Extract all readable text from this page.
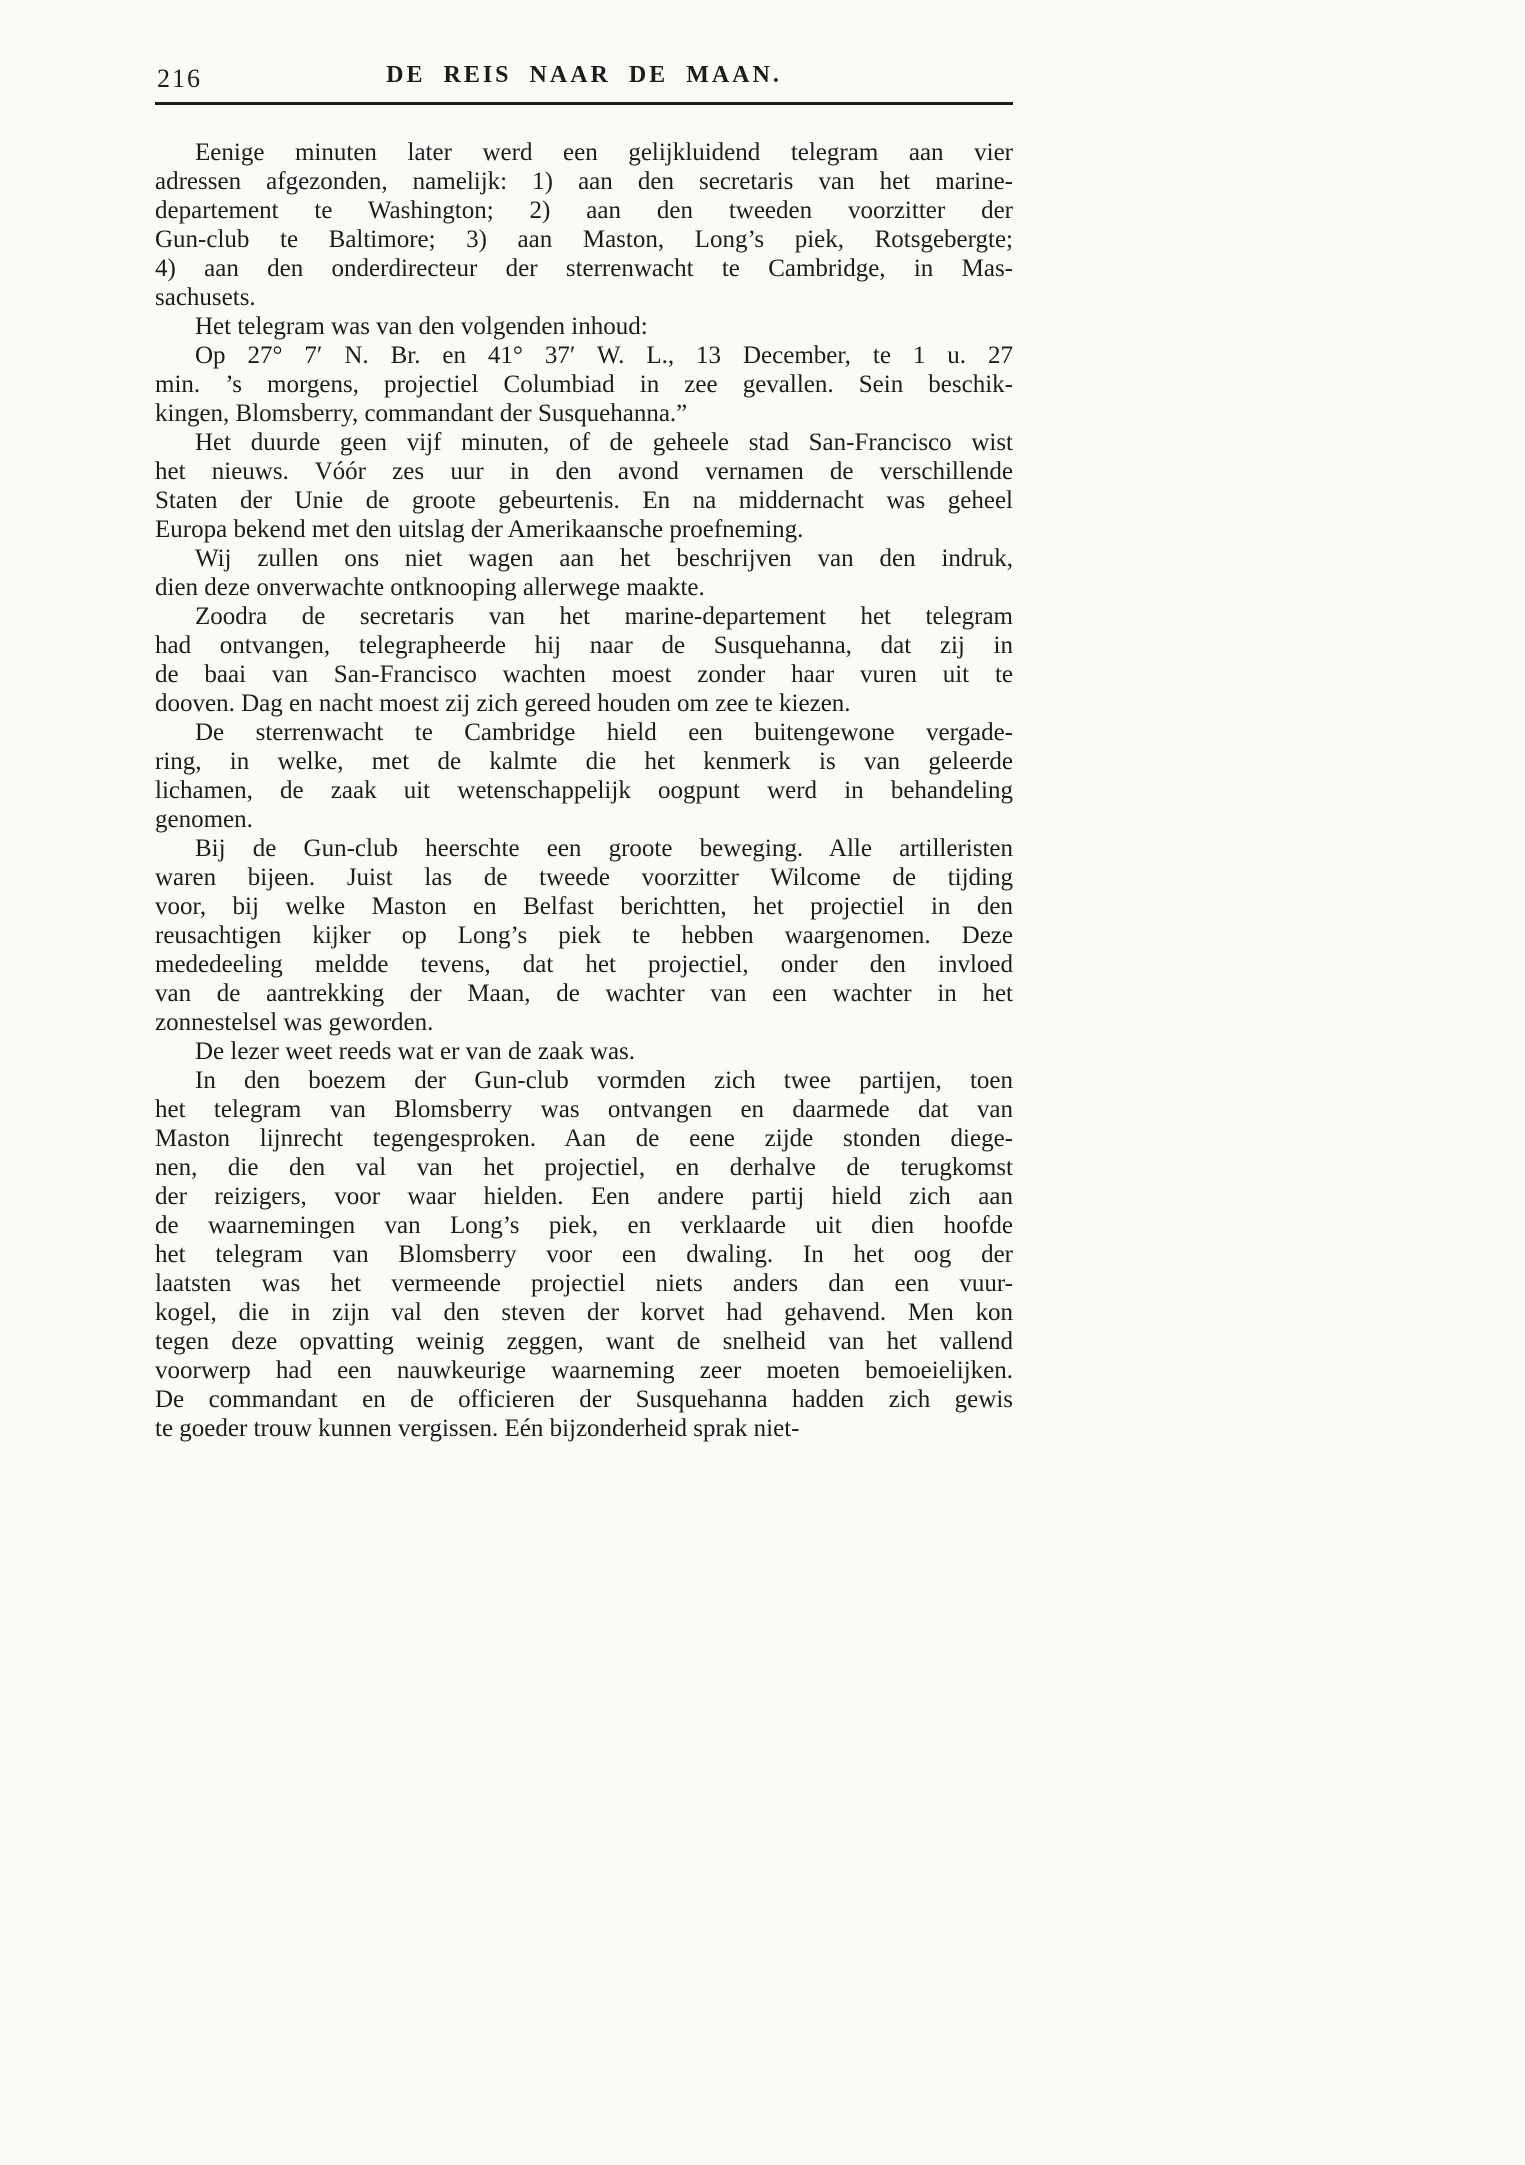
216	DE REIS NAAR DE MAAN.

Eenige minuten later werd een gelijkluidend telegram aan vier
adressen afgezonden, namelijk: 1) aan den secretaris van het marine-
departement te Washington; 2) aan den tweeden voorzitter der
Gun-club te Baltimore; 3) aan Maston, Long’s piek, Rotsgebergte;
4) aan den onderdirecteur der sterrenwacht te Cambridge, in Mas-
sachusets.

Het telegram was van den volgenden inhoud:

Op 27° 7′ N. Br. en 41° 37′ W. L., 13 December, te 1 u. 27
min. ’s morgens, projectiel Columbiad in zee gevallen. Sein beschik-
kingen, Blomsberry, commandant der Susquehanna.”

Het duurde geen vijf minuten, of de geheele stad San-Francisco wist
het nieuws. Vóór zes uur in den avond vernamen de verschillende
Staten der Unie de groote gebeurtenis. En na middernacht was geheel
Europa bekend met den uitslag der Amerikaansche proefneming.

Wij zullen ons niet wagen aan het beschrijven van den indruk,
dien deze onverwachte ontknooping allerwege maakte.

Zoodra de secretaris van het marine-departement het telegram
had ontvangen, telegrapheerde hij naar de Susquehanna, dat zij in
de baai van San-Francisco wachten moest zonder haar vuren uit te
dooven. Dag en nacht moest zij zich gereed houden om zee te kiezen.

De sterrenwacht te Cambridge hield een buitengewone vergade-
ring, in welke, met de kalmte die het kenmerk is van geleerde
lichamen, de zaak uit wetenschappelijk oogpunt werd in behandeling
genomen.

Bij de Gun-club heerschte een groote beweging. Alle artilleristen
waren bijeen. Juist las de tweede voorzitter Wilcome de tijding
voor, bij welke Maston en Belfast berichtten, het projectiel in den
reusachtigen kijker op Long’s piek te hebben waargenomen. Deze
mededeeling meldde tevens, dat het projectiel, onder den invloed
van de aantrekking der Maan, de wachter van een wachter in het
zonnestelsel was geworden.

De lezer weet reeds wat er van de zaak was.

In den boezem der Gun-club vormden zich twee partijen, toen
het telegram van Blomsberry was ontvangen en daarmede dat van
Maston lijnrecht tegengesproken. Aan de eene zijde stonden diege-
nen, die den val van het projectiel, en derhalve de terugkomst
der reizigers, voor waar hielden. Een andere partij hield zich aan
de waarnemingen van Long’s piek, en verklaarde uit dien hoofde
het telegram van Blomsberry voor een dwaling. In het oog der
laatsten was het vermeende projectiel niets anders dan een vuur-
kogel, die in zijn val den steven der korvet had gehavend. Men kon
tegen deze opvatting weinig zeggen, want de snelheid van het vallend
voorwerp had een nauwkeurige waarneming zeer moeten bemoeielijken.
De commandant en de officieren der Susquehanna hadden zich gewis
te goeder trouw kunnen vergissen. Eén bijzonderheid sprak niet-
